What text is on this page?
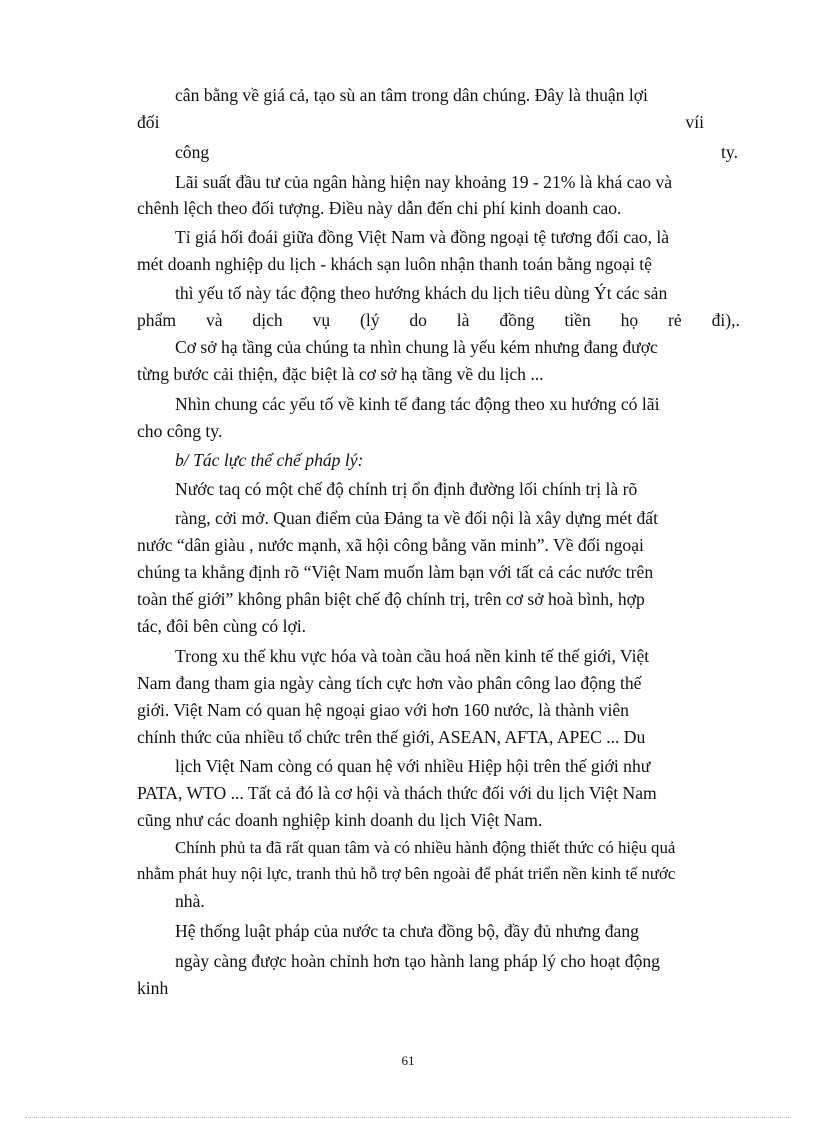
cân bằng về giá cả, tạo sù an tâm trong dân chúng. Đây là thuận lợi
đối	víi
công	ty.
Lãi suất đầu tư của ngân hàng hiện nay khoảng 19 - 21% là khá cao và
chênh lệch theo đối tượng. Điều này dẫn đến chi phí kinh doanh cao.
Tỉ giá hối đoái giữa đồng Việt Nam và đồng ngoại tệ tương đối cao, là
mét doanh nghiệp du lịch - khách sạn luôn nhận thanh toán bằng ngoại tệ
thì yếu tố này tác động theo hướng khách du lịch tiêu dùng Ýt các sản
phẩm và dịch vụ (lý do là đồng tiền họ rẻ đi),.
Cơ sở hạ tầng của chúng ta nhìn chung là yếu kém nhưng đang được
từng bước cải thiện, đặc biệt là cơ sở hạ tầng về du lịch ...
Nhìn chung các yếu tố về kinh tế đang tác động theo xu hướng có lãi
cho công ty.
b/ Tác lực thể chế pháp lý:
Nước taq có một chế độ chính trị ổn định đường lối chính trị là rõ
ràng, cởi mở. Quan điểm của Đảng ta về đối nội là xây dựng mét đất
nước “dân giàu , nước mạnh, xã hội công bằng văn minh”. Về đối ngoại
chúng ta khẳng định rõ “Việt Nam muốn làm bạn với tất cả các nước trên
toàn thế giới” không phân biệt chế độ chính trị, trên cơ sở hoà bình, hợp
tác, đôi bên cùng có lợi.
Trong xu thế khu vực hóa và toàn cầu hoá nền kinh tế thế giới, Việt
Nam đang tham gia ngày càng tích cực hơn vào phân công lao động thế
giới. Việt Nam có quan hệ ngoại giao với hơn 160 nước, là thành viên
chính thức của nhiều tổ chức trên thế giới, ASEAN, AFTA, APEC ... Du
lịch Việt Nam còng có quan hệ với nhiều Hiệp hội trên thế giới như
PATA, WTO ... Tất cả đó là cơ hội và thách thức đối với du lịch Việt Nam
cũng như các doanh nghiệp kinh doanh du lịch Việt Nam.
Chính phủ ta đã rất quan tâm và có nhiều hành động thiết thức có hiệu quả
nhằm phát huy nội lực, tranh thủ hỗ trợ bên ngoài để phát triển nền kinh tế nước
nhà.
Hệ thống luật pháp của nước ta chưa đồng bộ, đầy đủ nhưng đang
ngày càng được hoàn chỉnh hơn tạo hành lang pháp lý cho hoạt động
kinh
61
